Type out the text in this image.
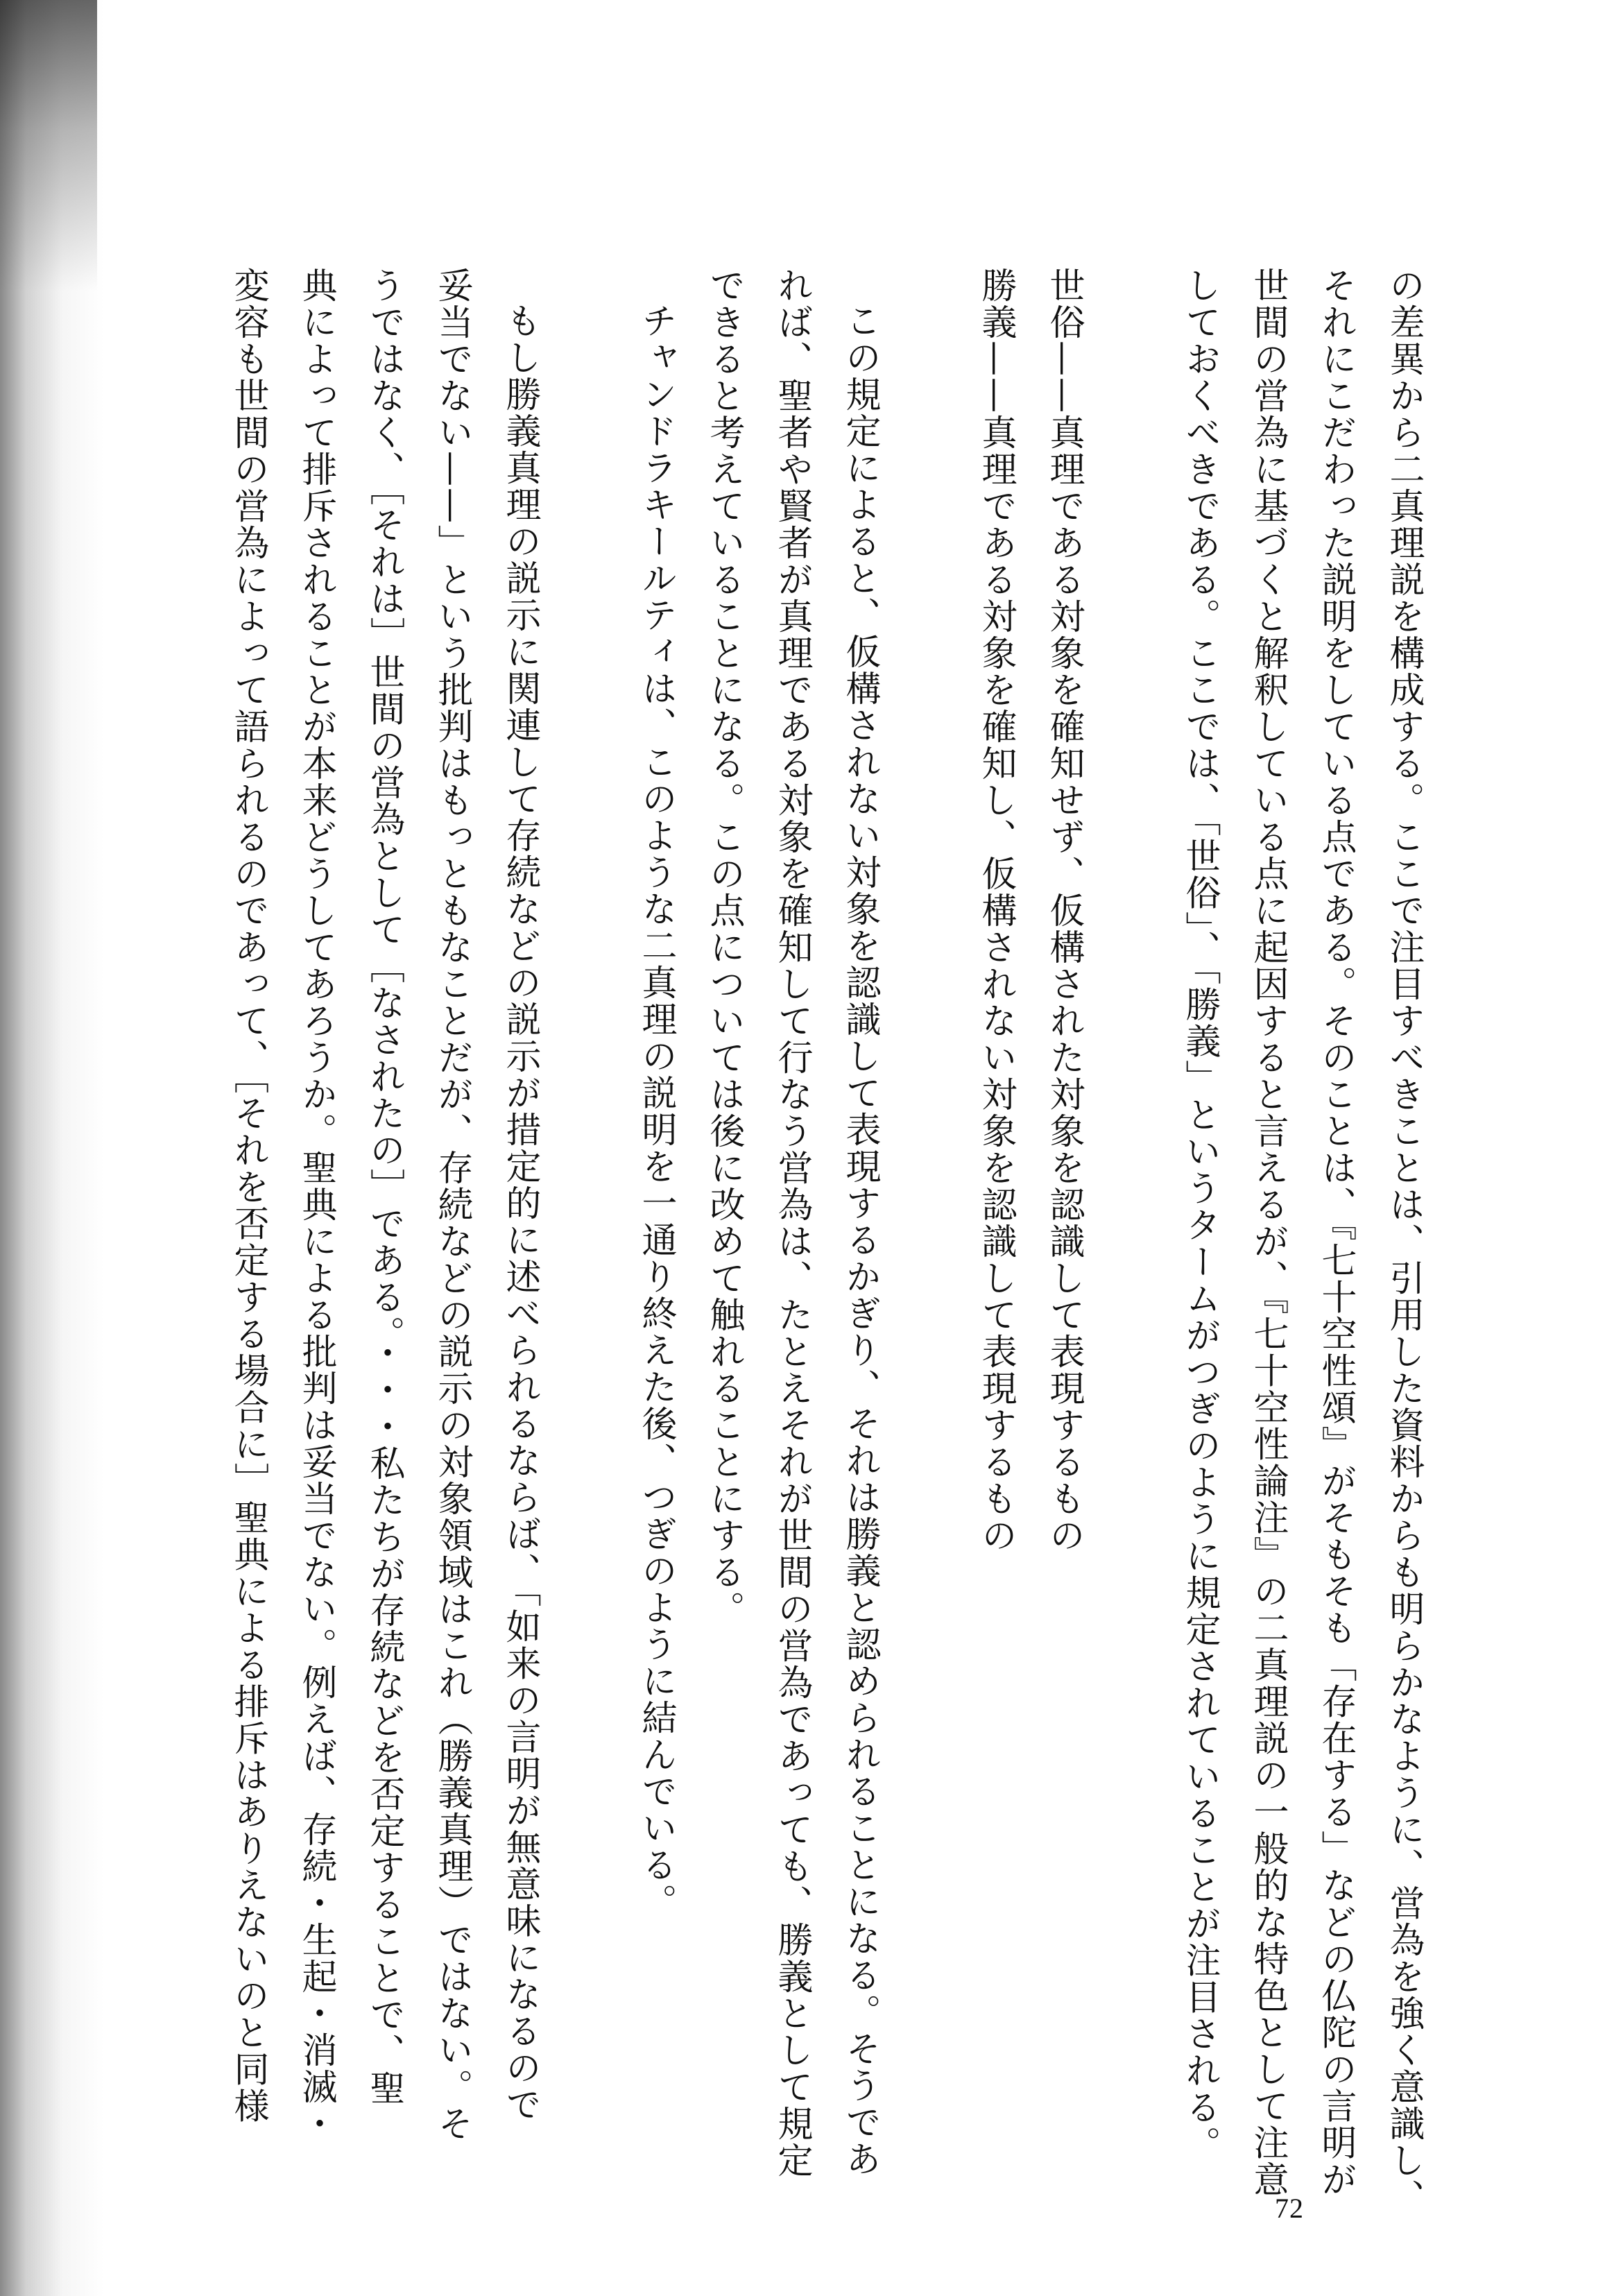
の差異から二真理説を構成する。ここで注目すべきことは、引用した資料からも明らかなように、営為を強く意識し、
それにこだわった説明をしている点である。そのことは、『七十空性頌』がそもそも「存在する」などの仏陀の言明が
世間の営為に基づくと解釈している点に起因すると言えるが、『七十空性論注』の二真理説の一般的な特色として注意
しておくべきである。ここでは、「世俗」、「勝義」というタームがつぎのように規定されていることが注目される。
世俗——真理である対象を確知せず、仮構された対象を認識して表現するもの
勝義——真理である対象を確知し、仮構されない対象を認識して表現するもの
この規定によると、仮構されない対象を認識して表現するかぎり、それは勝義と認められることになる。そうであ
れば、聖者や賢者が真理である対象を確知して行なう営為は、たとえそれが世間の営為であっても、勝義として規定
できると考えていることになる。この点については後に改めて触れることにする。
チャンドラキールティは、このような二真理の説明を一通り終えた後、つぎのように結んでいる。
もし勝義真理の説示に関連して存続などの説示が措定的に述べられるならば、「如来の言明が無意味になるので
妥当でない——」という批判はもっともなことだが、存続などの説示の対象領域はこれ（勝義真理）ではない。そ
うではなく、［それは］世間の営為として［なされたの］である。・・・私たちが存続などを否定することで、聖
典によって排斥されることが本来どうしてあろうか。聖典による批判は妥当でない。例えば、存続・生起・消滅・
変容も世間の営為によって語られるのであって、［それを否定する場合に］聖典による排斥はありえないのと同様
72
